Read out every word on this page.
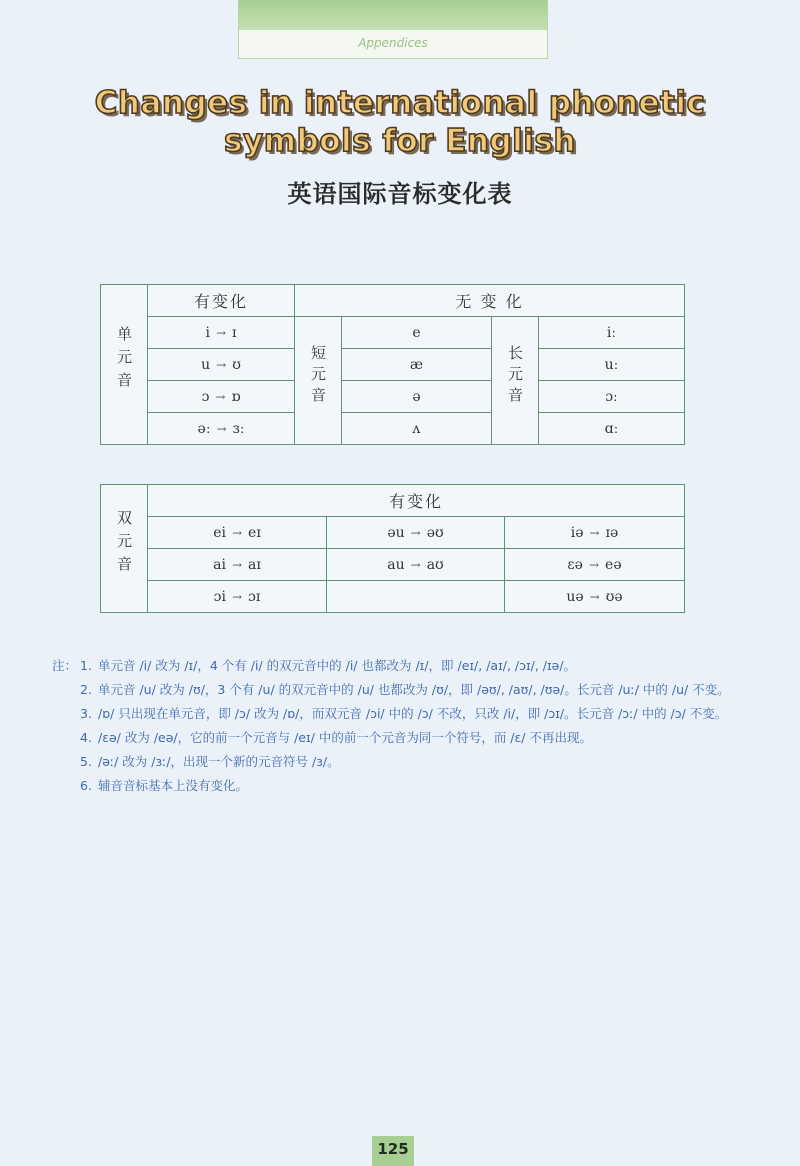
Appendices
Changes in international phonetic symbols for English
英语国际音标变化表
单元音	有变化	无 变 化			
	i → ɪ	短元音	e	长元音	iː
	u → ʊ		æ		uː
	ɔ → ɒ		ə		ɔː
	əː → ɜː		ʌ		ɑː
双元音	有变化		
	ei → eɪ	əu → əʊ	iə → ɪə
	ai → aɪ	au → aʊ	ɛə → eə
	ɔi → ɔɪ		uə → ʊə
注： 1. 单元音 /i/ 改为 /ɪ/，4 个有 /i/ 的双元音中的 /i/ 也都改为 /ɪ/，即 /eɪ/, /aɪ/, /ɔɪ/, /ɪə/。
2. 单元音 /u/ 改为 /ʊ/，3 个有 /u/ 的双元音中的 /u/ 也都改为 /ʊ/，即 /əʊ/, /aʊ/, /ʊə/。长元音 /uː/ 中的 /u/ 不变。
3. /ɒ/ 只出现在单元音，即 /ɔ/ 改为 /ɒ/，而双元音 /ɔi/ 中的 /ɔ/ 不改，只改 /i/，即 /ɔɪ/。长元音 /ɔː/ 中的 /ɔ/ 不变。
4. /ɛə/ 改为 /eə/，它的前一个元音与 /eɪ/ 中的前一个元音为同一个符号，而 /ɛ/ 不再出现。
5. /əː/ 改为 /ɜː/，出现一个新的元音符号 /ɜ/。
6. 辅音音标基本上没有变化。
125
